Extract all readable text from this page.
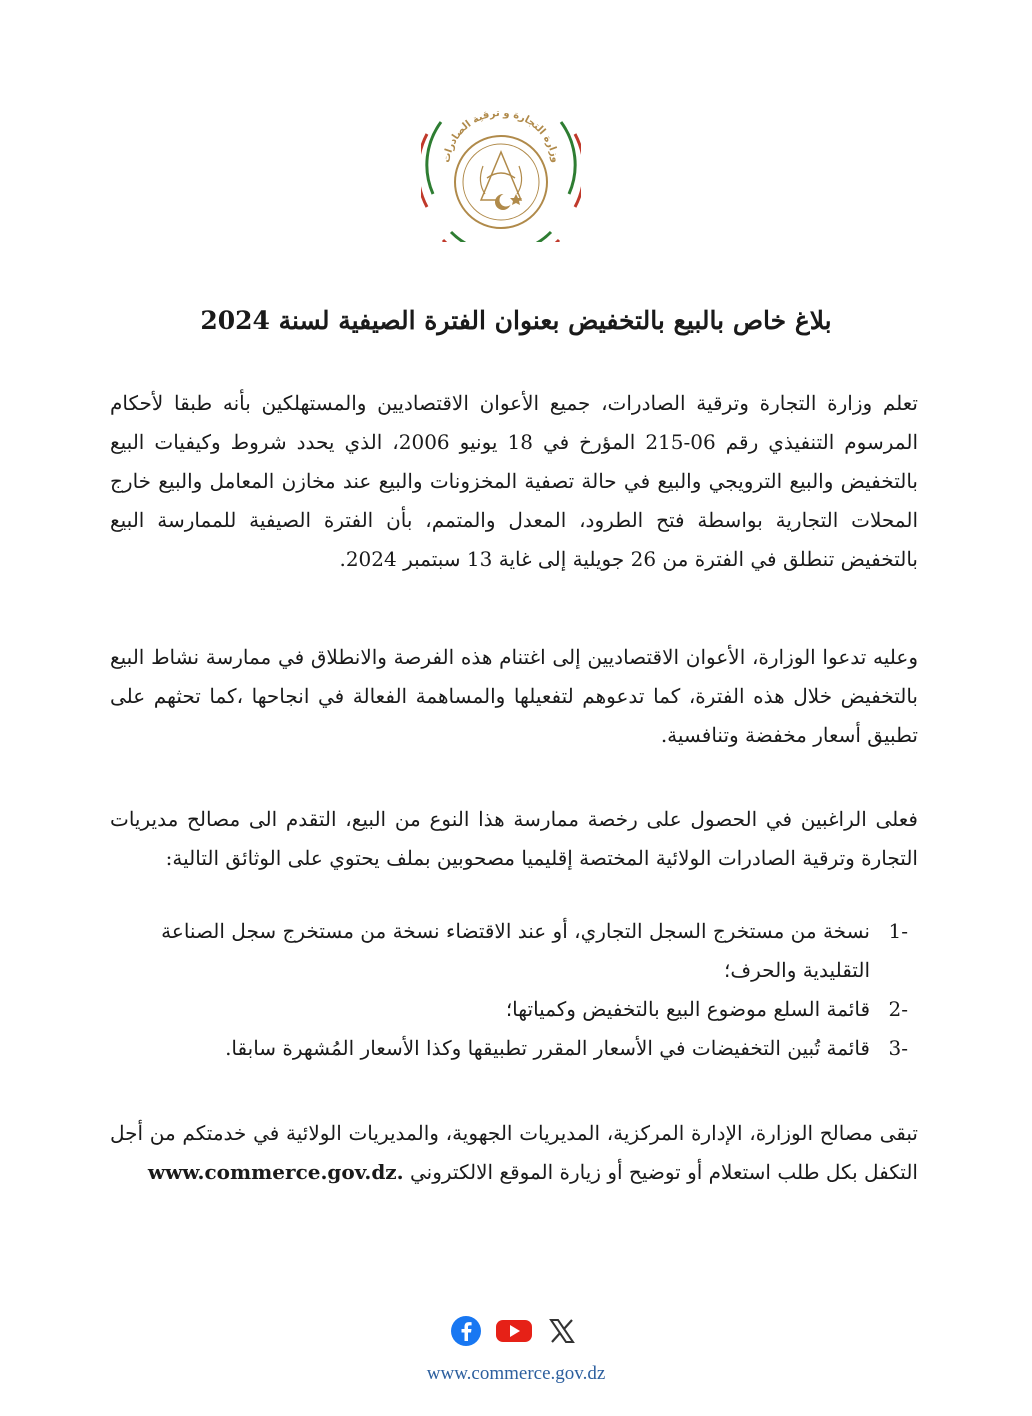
وزارة التجارة و ترقية الصادرات
بلاغ خاص بالبيع بالتخفيض بعنوان الفترة الصيفية لسنة 2024

تعلم وزارة التجارة وترقية الصادرات، جميع الأعوان الاقتصاديين والمستهلكين بأنه طبقا لأحكام المرسوم التنفيذي رقم 06-215 المؤرخ في 18 يونيو 2006، الذي يحدد شروط وكيفيات البيع بالتخفيض والبيع الترويجي والبيع في حالة تصفية المخزونات والبيع عند مخازن المعامل والبيع خارج المحلات التجارية بواسطة فتح الطرود، المعدل والمتمم، بأن الفترة الصيفية للممارسة البيع بالتخفيض تنطلق في الفترة من 26 جويلية إلى غاية 13 سبتمبر 2024.

وعليه تدعوا الوزارة، الأعوان الاقتصاديين إلى اغتنام هذه الفرصة والانطلاق في ممارسة نشاط البيع بالتخفيض خلال هذه الفترة، كما تدعوهم لتفعيلها والمساهمة الفعالة في انجاحها ،كما تحثهم على تطبيق أسعار مخفضة وتنافسية.

فعلى الراغبين في الحصول على رخصة ممارسة هذا النوع من البيع، التقدم الى مصالح مديريات التجارة وترقية الصادرات الولائية المختصة إقليميا مصحوبين بملف يحتوي على الوثائق التالية:

-1
نسخة من مستخرج السجل التجاري، أو عند الاقتضاء نسخة من مستخرج سجل الصناعة التقليدية والحرف؛
-2
قائمة السلع موضوع البيع بالتخفيض وكمياتها؛
-3
قائمة تُبين التخفيضات في الأسعار المقرر تطبيقها وكذا الأسعار المُشهرة سابقا.

تبقى مصالح الوزارة، الإدارة المركزية، المديريات الجهوية، والمديريات الولائية في خدمتكم من أجل التكفل بكل طلب استعلام أو توضيح أو زيارة الموقع الالكتروني www.commerce.gov.dz.

www.commerce.gov.dz
